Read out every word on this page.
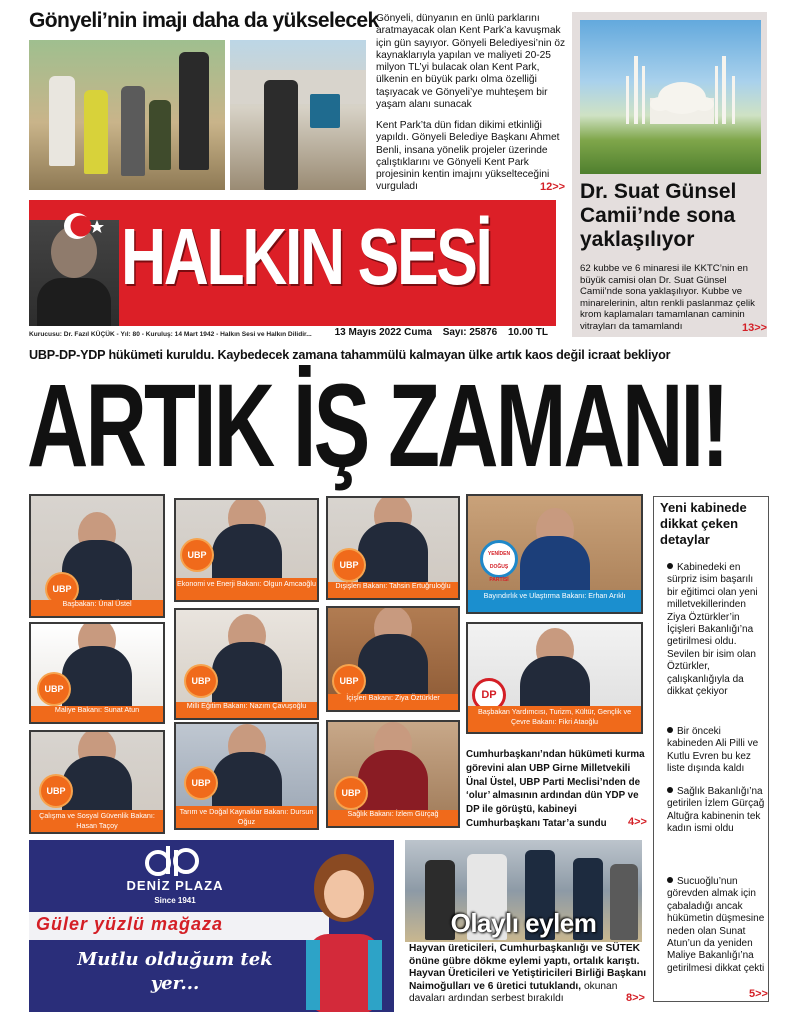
Gönyeli’nin imajı daha da yükselecek
Gönyeli, dünyanın en ünlü parklarını aratmayacak olan Kent Park’a kavuşmak için gün sayıyor. Gönyeli Belediyesi’nin öz kaynaklarıyla yapılan ve maliyeti 20-25 milyon TL’yi bulacak olan Kent Park, ülkenin en büyük parkı olma özelliği taşıyacak ve Gönyeli’ye muhteşem bir yaşam alanı sunacak
Kent Park’ta dün fidan dikimi etkinliği yapıldı. Gönyeli Belediye Başkanı Ahmet Benli, insana yönelik projeler üzerinde çalıştıklarını ve Gönyeli Kent Park projesinin kentin imajını yükselteceğini vurguladı	12>> Dr. Suat Günsel Camii’nde sona yaklaşılıyor
62 kubbe ve 6 minaresi ile KKTC’nin en büyük camisi olan Dr. Suat Günsel Camii’nde sona yaklaşılıyor. Kubbe ve minarelerinin, altın renkli paslanmaz çelik krom kaplamaları tamamlanan caminin vitrayları da tamamlandı	13>>
HALKIN SESİ
Kurucusu: Dr. Fazıl KÜÇÜK - Yıl: 80 - Kuruluş: 14 Mart 1942 - Halkın Sesi ve Halkın Dilidir...	13 Mayıs 2022 Cuma Sayı: 25876 10.00 TL
UBP-DP-YDP hükümeti kuruldu. Kaybedecek zamana tahammülü kalmayan ülke artık kaos değil icraat bekliyor
ARTIK İŞ ZAMANI!
UBP
Başbakan: Ünal Üstel
UBP
Ekonomi ve Enerji Bakanı: Olgun Amcaoğlu
UBP
Dışişleri Bakanı: Tahsin Ertuğruloğlu
YENİDEN DOĞUŞ PARTİSİ
Bayındırlık ve Ulaştırma Bakanı: Erhan Arıklı
UBP
Maliye Bakanı: Sunat Atun
UBP
Milli Eğitim Bakanı: Nazım Çavuşoğlu
UBP
İçişleri Bakanı: Ziya Öztürkler	DP
Başbakan Yardımcısı, Turizm, Kültür, Gençlik ve Çevre Bakanı: Fikri Ataoğlu
UBP
Çalışma ve Sosyal Güvenlik Bakanı: Hasan Taçoy
UBP
Tarım ve Doğal Kaynaklar Bakanı: Dursun Oğuz
UBP
Sağlık Bakanı: İzlem Gürçağ
Cumhurbaşkanı’ndan hükümeti kurma görevini alan UBP Girne Milletvekili Ünal Üstel, UBP Parti Meclisi’nden de ‘olur’ almasının ardından dün YDP ve DP ile görüştü, kabineyi Cumhurbaşkanı Tatar’a sundu	4>>
Yeni kabinede dikkat çeken detaylar
Kabinedeki en sürpriz isim başarılı bir eğitimci olan yeni milletvekillerinden Ziya Öztürkler’in İçişleri Bakanlığı’na getirilmesi oldu. Sevilen bir isim olan Öztürkler, çalışkanlığıyla da dikkat çekiyor
Bir önceki kabineden Ali Pilli ve Kutlu Evren bu kez liste dışında kaldı
Sağlık Bakanlığı’na getirilen İzlem Gürçağ Altuğra kabinenin tek kadın ismi oldu
Sucuoğlu’nun görevden almak için çabaladığı ancak hükümetin düşmesine neden olan Sunat Atun’un da yeniden Maliye Bakanlığı’na getirilmesi dikkat çekti
5>>
DENİZ PLAZA
Since 1941
Güler yüzlü mağaza
Mutlu olduğum tek yer...
Olaylı eylem
Hayvan üreticileri, Cumhurbaşkanlığı ve SÜTEK önüne gübre dökme eylemi yaptı, ortalık karıştı. Hayvan Üreticileri ve Yetiştiricileri Birliği Başkanı Naimoğulları ve 6 üretici tutuklandı, okunan davaları ardından serbest bırakıldı	8>>
